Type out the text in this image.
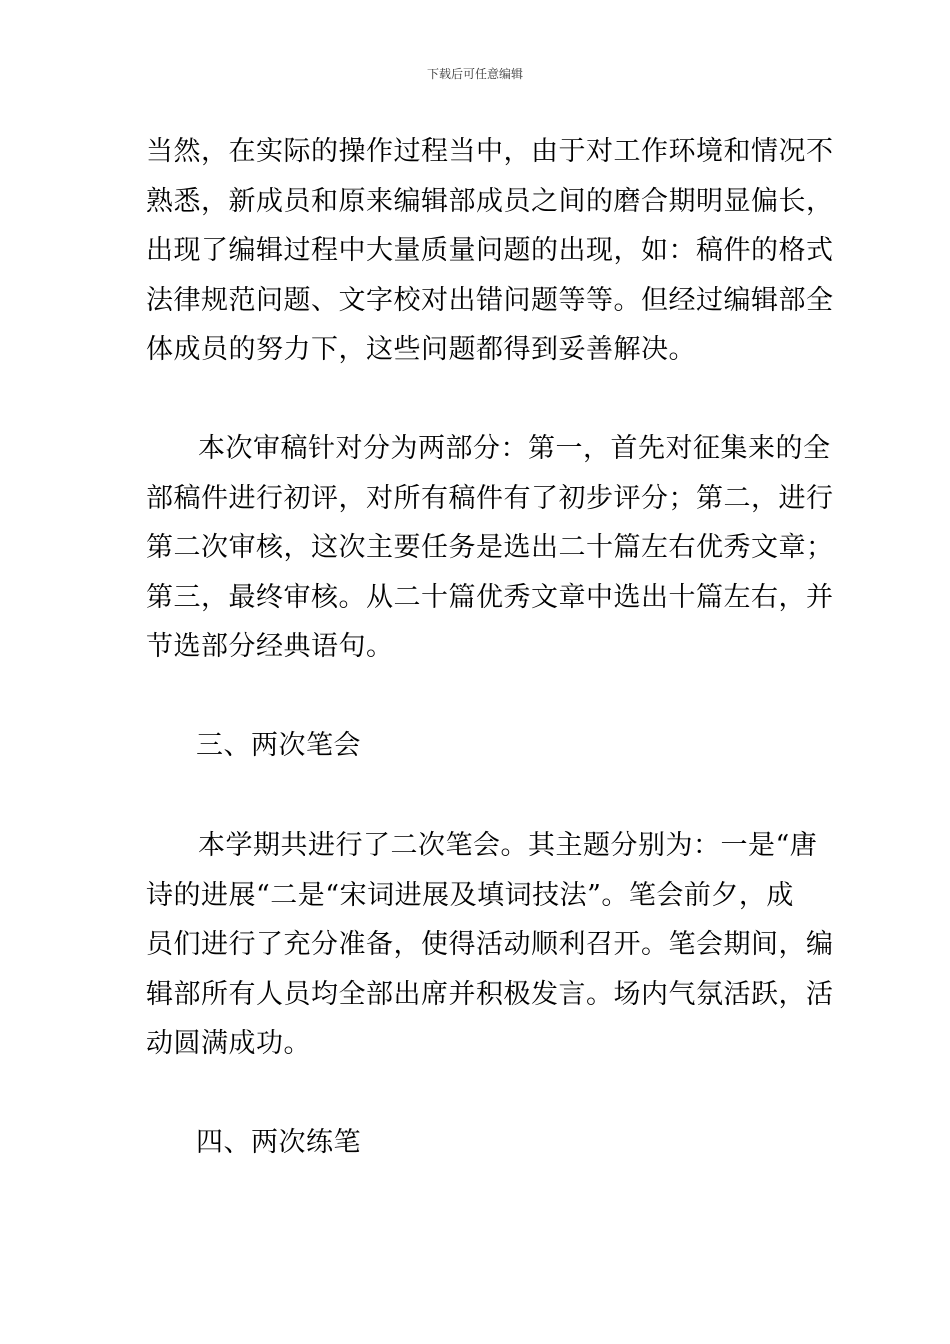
下载后可任意编辑
当然，在实际的操作过程当中，由于对工作环境和情况不
熟悉，新成员和原来编辑部成员之间的磨合期明显偏长，
出现了编辑过程中大量质量问题的出现，如：稿件的格式
法律规范问题、文字校对出错问题等等。但经过编辑部全
体成员的努力下，这些问题都得到妥善解决。
本次审稿针对分为两部分：第一，首先对征集来的全
部稿件进行初评，对所有稿件有了初步评分；第二，进行
第二次审核，这次主要任务是选出二十篇左右优秀文章；
第三，最终审核。从二十篇优秀文章中选出十篇左右，并
节选部分经典语句。
三、两次笔会
本学期共进行了二次笔会。其主题分别为：一是“唐
诗的进展“二是“宋词进展及填词技法”。笔会前夕，成
员们进行了充分准备，使得活动顺利召开。笔会期间，编
辑部所有人员均全部出席并积极发言。场内气氛活跃，活
动圆满成功。
四、两次练笔
